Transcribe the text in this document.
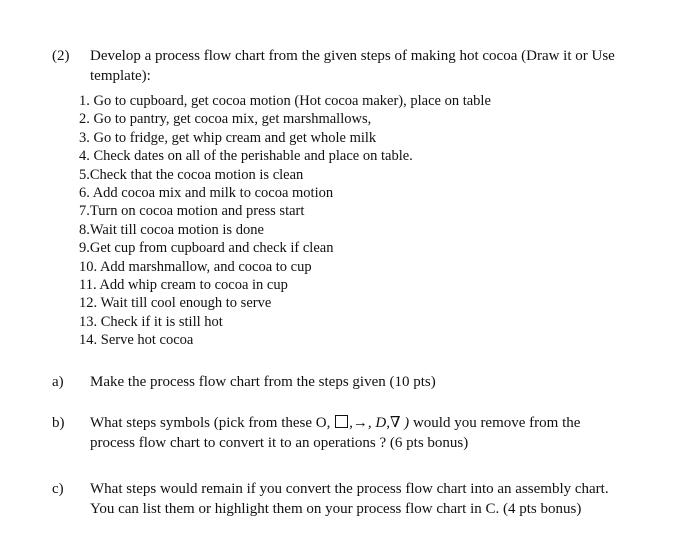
(2) Develop a process flow chart from the given steps of making hot cocoa (Draw it or Use
template):
1. Go to cupboard, get cocoa motion (Hot cocoa maker), place on table
2. Go to pantry, get cocoa mix, get marshmallows,
3. Go to fridge, get whip cream and get whole milk
4. Check dates on all of the perishable and place on table.
5.Check that the cocoa motion is clean
6. Add cocoa mix and milk to cocoa motion
7.Turn on cocoa motion and press start
8.Wait till cocoa motion is done
9.Get cup from cupboard and check if clean
10. Add marshmallow, and cocoa to cup
11. Add whip cream to cocoa in cup
12. Wait till cool enough to serve
13. Check if it is still hot
14. Serve hot cocoa
a) Make the process flow chart from the steps given (10 pts)
b) What steps symbols (pick from these O, ,→, D,∇ ) would you remove from the
process flow chart to convert it to an operations ? (6 pts bonus)
c) What steps would remain if you convert the process flow chart into an assembly chart.
You can list them or highlight them on your process flow chart in C. (4 pts bonus)
